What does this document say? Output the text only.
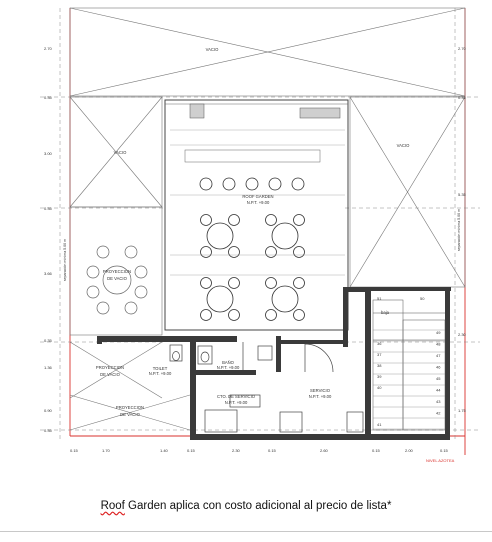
51
36
37
38
39
40
41
50
49
48
47
46
45
44
43
42
VACIO
VACIO
VACIO
ROOF GARDEN
N.P.T. +9.00
PROYECCION
DE VACIO
PROYECCION
DE VACIO
PROYECCION
DE VACIO
BAÑO
N.P.T. +9.00
TOILET
N.P.T. +9.00
CTO. DE SERVICIO
N.P.T. +9.00
SERVICIO
N.P.T. +9.00
baja
NIVEL AZOTEA
separación mínima 5.00 m
separación mínima 5.00 m
2.70
0.35
3.00
0.35
3.66
0.35
1.36
0.90
0.35
2.70
0.35
5.35
2.30
1.75
0.15	1.70	1.40	0.15	2.30	0.15	2.60	0.15	2.00	0.15
Roof Garden aplica con costo adicional al precio de lista*
